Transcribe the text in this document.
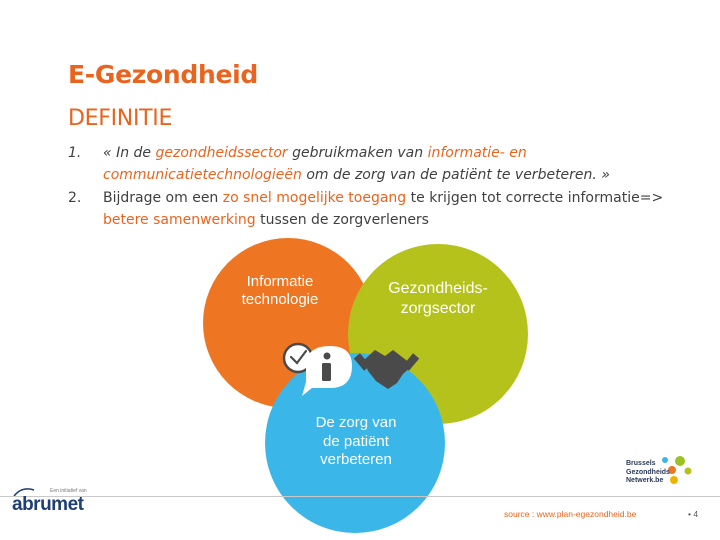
E-Gezondheid
DEFINITIE
1. « In de gezondheidssector gebruikmaken van informatie- en communicatietechnologieën om de zorg van de patiënt te verbeteren. »
2. Bijdrage om een zo snel mogelijke toegang te krijgen tot correcte informatie=> betere samenwerking tussen de zorgverleners
Informatie
technologie
Gezondheids-
zorgsector
De zorg van
de patiënt
verbeteren
Een initiatief van
abrumet
Brussels
Gezondheids
Netwerk.be
source : www.plan-egezondheid.be	• 4
